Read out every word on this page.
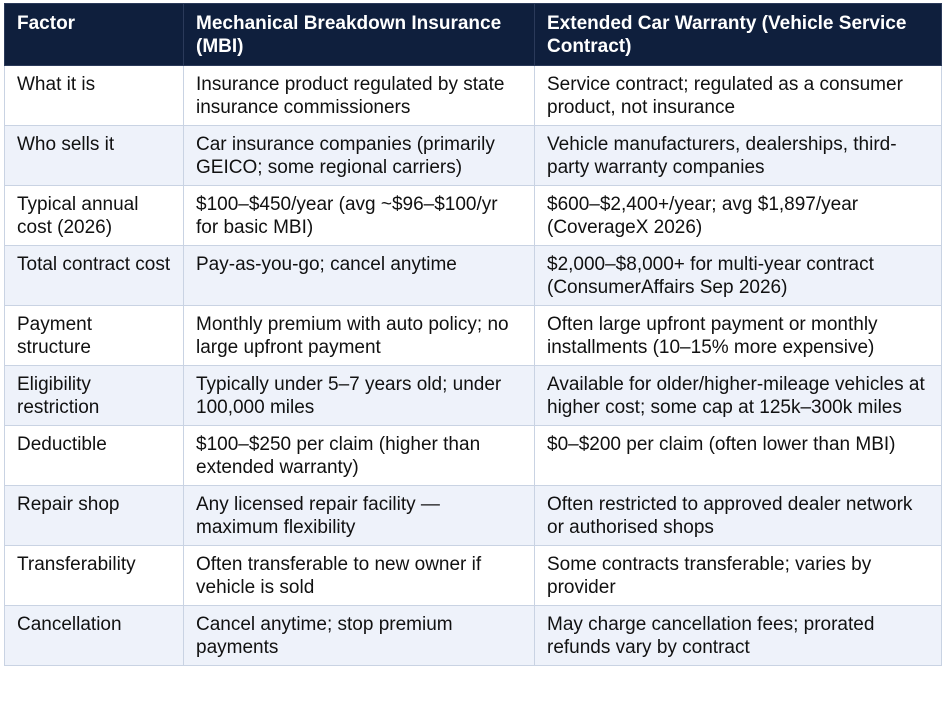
Factor	Mechanical Breakdown Insurance (MBI)	Extended Car Warranty (Vehicle Service Contract)
What it is	Insurance product regulated by state insurance commissioners	Service contract; regulated as a consumer product, not insurance
Who sells it	Car insurance companies (primarily GEICO; some regional carriers)	Vehicle manufacturers, dealerships, third-party warranty companies
Typical annual cost (2026)	$100–$450/year (avg ~$96–$100/yr for basic MBI)	$600–$2,400+/year; avg $1,897/year (CoverageX 2026)
Total contract cost	Pay-as-you-go; cancel anytime	$2,000–$8,000+ for multi-year contract (ConsumerAffairs Sep 2026)
Payment structure	Monthly premium with auto policy; no large upfront payment	Often large upfront payment or monthly installments (10–15% more expensive)
Eligibility restriction	Typically under 5–7 years old; under 100,000 miles	Available for older/higher-mileage vehicles at higher cost; some cap at 125k–300k miles
Deductible	$100–$250 per claim (higher than extended warranty)	$0–$200 per claim (often lower than MBI)
Repair shop	Any licensed repair facility — maximum flexibility	Often restricted to approved dealer network or authorised shops
Transferability	Often transferable to new owner if vehicle is sold	Some contracts transferable; varies by provider
Cancellation	Cancel anytime; stop premium payments	May charge cancellation fees; prorated refunds vary by contract
